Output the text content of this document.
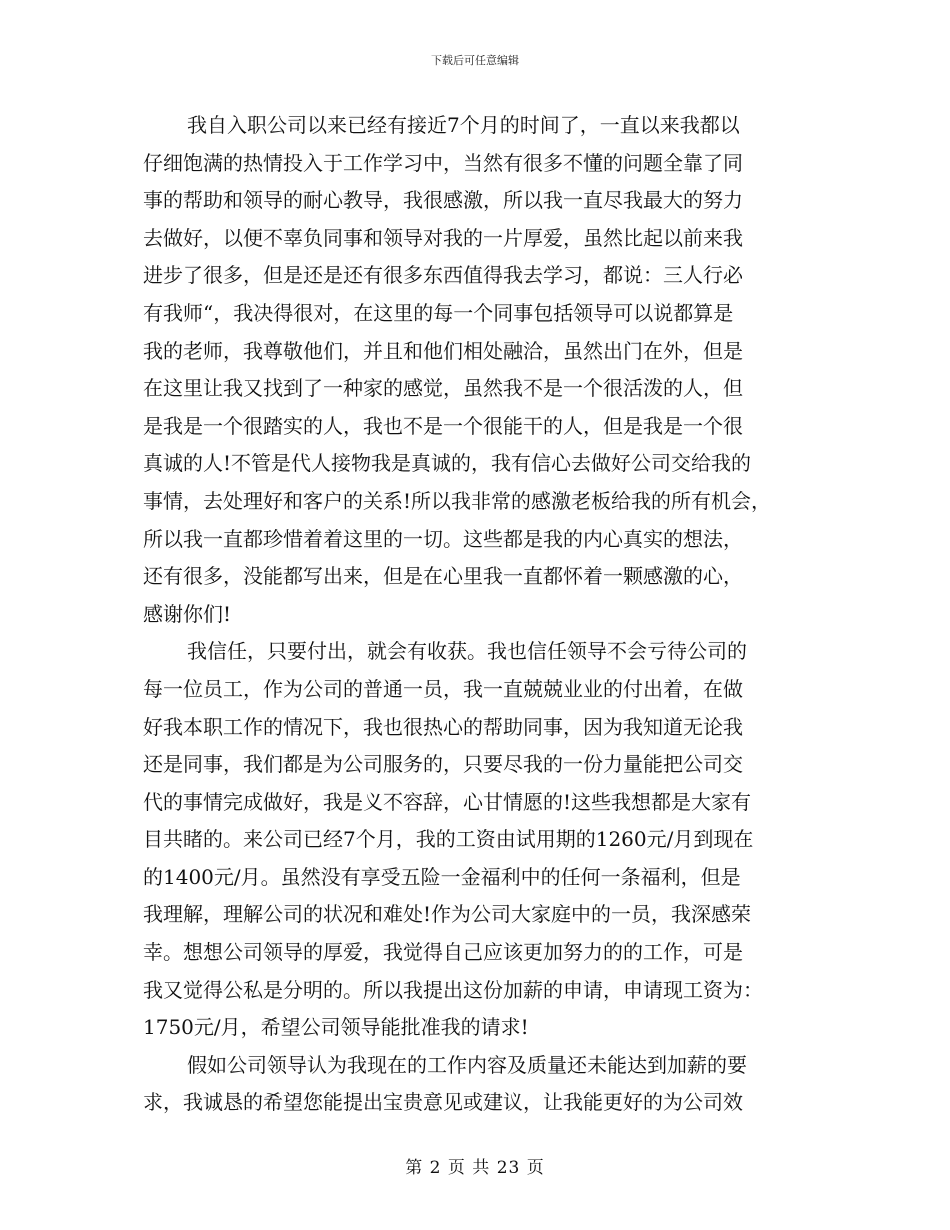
下载后可任意编辑
我自入职公司以来已经有接近7个月的时间了，一直以来我都以
仔细饱满的热情投入于工作学习中，当然有很多不懂的问题全靠了同
事的帮助和领导的耐心教导，我很感激，所以我一直尽我最大的努力
去做好，以便不辜负同事和领导对我的一片厚爱，虽然比起以前来我
进步了很多，但是还是还有很多东西值得我去学习，都说：三人行必
有我师“，我决得很对，在这里的每一个同事包括领导可以说都算是
我的老师，我尊敬他们，并且和他们相处融洽，虽然出门在外，但是
在这里让我又找到了一种家的感觉，虽然我不是一个很活泼的人，但
是我是一个很踏实的人，我也不是一个很能干的人，但是我是一个很
真诚的人!不管是代人接物我是真诚的，我有信心去做好公司交给我的
事情，去处理好和客户的关系!所以我非常的感激老板给我的所有机会，
所以我一直都珍惜着着这里的一切。这些都是我的内心真实的想法，
还有很多，没能都写出来，但是在心里我一直都怀着一颗感激的心，
感谢你们!
我信任，只要付出，就会有收获。我也信任领导不会亏待公司的
每一位员工，作为公司的普通一员，我一直兢兢业业的付出着，在做
好我本职工作的情况下，我也很热心的帮助同事，因为我知道无论我
还是同事，我们都是为公司服务的，只要尽我的一份力量能把公司交
代的事情完成做好，我是义不容辞，心甘情愿的!这些我想都是大家有
目共睹的。来公司已经7个月，我的工资由试用期的1260元/月到现在
的1400元/月。虽然没有享受五险一金福利中的任何一条福利，但是
我理解，理解公司的状况和难处!作为公司大家庭中的一员，我深感荣
幸。想想公司领导的厚爱，我觉得自己应该更加努力的的工作，可是
我又觉得公私是分明的。所以我提出这份加薪的申请，申请现工资为：
1750元/月，希望公司领导能批准我的请求!
假如公司领导认为我现在的工作内容及质量还未能达到加薪的要
求，我诚恳的希望您能提出宝贵意见或建议，让我能更好的为公司效
第 2 页 共 23 页
